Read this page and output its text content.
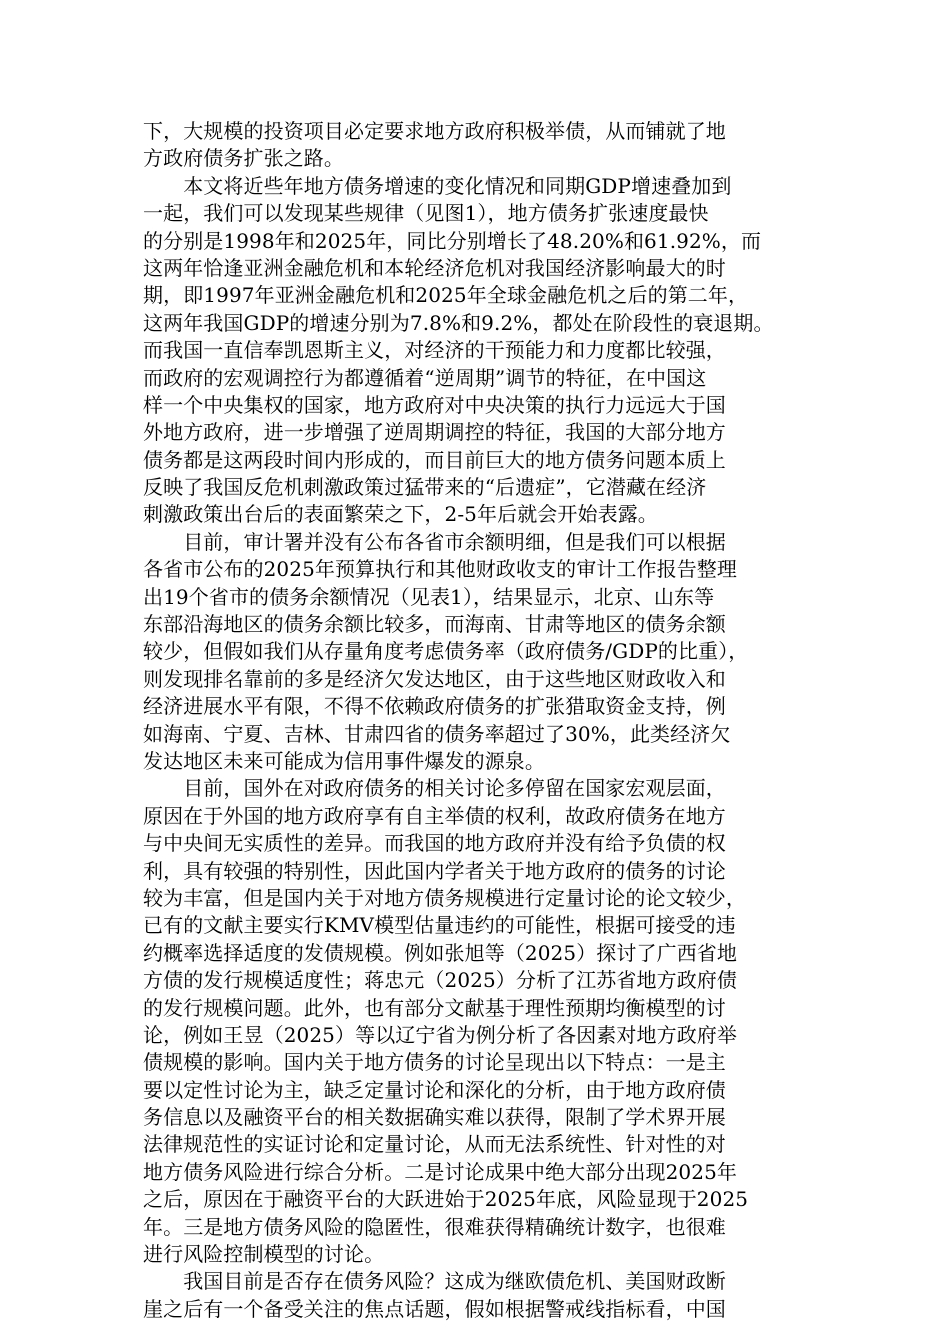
下，大规模的投资项目必定要求地方政府积极举债，从而铺就了地
方政府债务扩张之路。
　　本文将近些年地方债务增速的变化情况和同期GDP增速叠加到
一起，我们可以发现某些规律（见图1），地方债务扩张速度最快
的分别是1998年和2025年，同比分别增长了48.20%和61.92%，而
这两年恰逢亚洲金融危机和本轮经济危机对我国经济影响最大的时
期，即1997年亚洲金融危机和2025年全球金融危机之后的第二年，
这两年我国GDP的增速分别为7.8%和9.2%，都处在阶段性的衰退期。
而我国一直信奉凯恩斯主义，对经济的干预能力和力度都比较强，
而政府的宏观调控行为都遵循着“逆周期”调节的特征，在中国这
样一个中央集权的国家，地方政府对中央决策的执行力远远大于国
外地方政府，进一步增强了逆周期调控的特征，我国的大部分地方
债务都是这两段时间内形成的，而目前巨大的地方债务问题本质上
反映了我国反危机刺激政策过猛带来的“后遗症”，它潜藏在经济
刺激政策出台后的表面繁荣之下，2-5年后就会开始表露。
　　目前，审计署并没有公布各省市余额明细，但是我们可以根据
各省市公布的2025年预算执行和其他财政收支的审计工作报告整理
出19个省市的债务余额情况（见表1），结果显示，北京、山东等
东部沿海地区的债务余额比较多，而海南、甘肃等地区的债务余额
较少，但假如我们从存量角度考虑债务率（政府债务/GDP的比重），
则发现排名靠前的多是经济欠发达地区，由于这些地区财政收入和
经济进展水平有限，不得不依赖政府债务的扩张猎取资金支持，例
如海南、宁夏、吉林、甘肃四省的债务率超过了30%，此类经济欠
发达地区未来可能成为信用事件爆发的源泉。
　　目前，国外在对政府债务的相关讨论多停留在国家宏观层面，
原因在于外国的地方政府享有自主举债的权利，故政府债务在地方
与中央间无实质性的差异。而我国的地方政府并没有给予负债的权
利，具有较强的特别性，因此国内学者关于地方政府的债务的讨论
较为丰富，但是国内关于对地方债务规模进行定量讨论的论文较少，
已有的文献主要实行KMV模型估量违约的可能性，根据可接受的违
约概率选择适度的发债规模。例如张旭等（2025）探讨了广西省地
方债的发行规模适度性；蒋忠元（2025）分析了江苏省地方政府债
的发行规模问题。此外，也有部分文献基于理性预期均衡模型的讨
论，例如王昱（2025）等以辽宁省为例分析了各因素对地方政府举
债规模的影响。国内关于地方债务的讨论呈现出以下特点：一是主
要以定性讨论为主，缺乏定量讨论和深化的分析，由于地方政府债
务信息以及融资平台的相关数据确实难以获得，限制了学术界开展
法律规范性的实证讨论和定量讨论，从而无法系统性、针对性的对
地方债务风险进行综合分析。二是讨论成果中绝大部分出现2025年
之后，原因在于融资平台的大跃进始于2025年底，风险显现于2025
年。三是地方债务风险的隐匿性，很难获得精确统计数字，也很难
进行风险控制模型的讨论。
　　我国目前是否存在债务风险？这成为继欧债危机、美国财政断
崖之后有一个备受关注的焦点话题，假如根据警戒线指标看，中国
